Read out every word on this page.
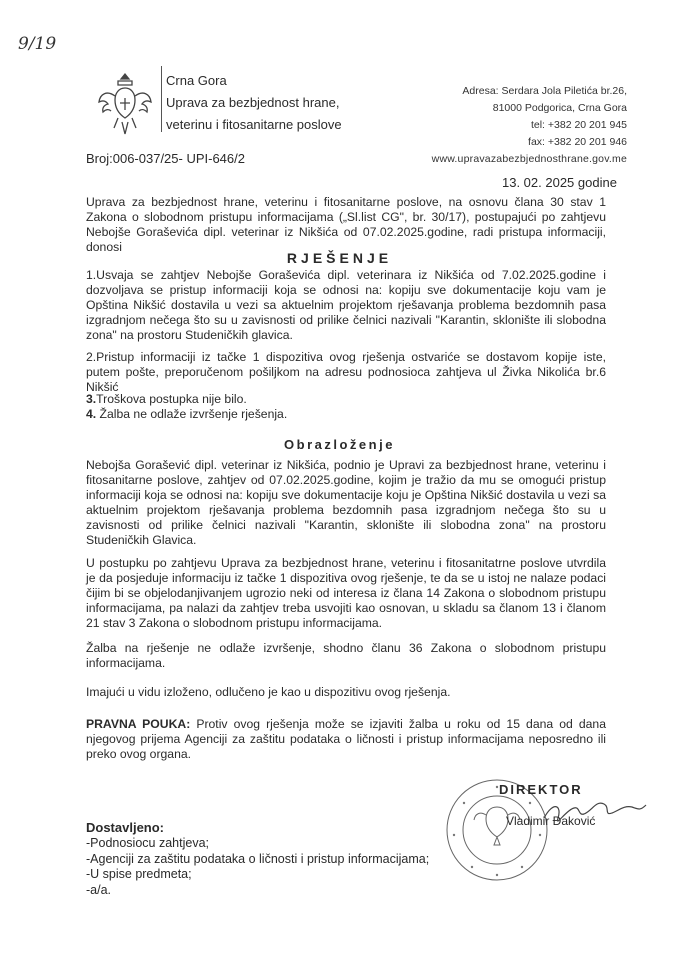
9/19
Crna Gora
Uprava za bezbjednost hrane,
veterinu i fitosanitarne poslove
Adresa: Serdara Jola Piletića br.26,
81000 Podgorica, Crna Gora
tel: +382 20 201 945
fax: +382 20 201 946
www.upravazabezbjednosthrane.gov.me
Broj:006-037/25- UPI-646/2
13. 02. 2025 godine
Uprava za bezbjednost hrane, veterinu i fitosanitarne poslove, na osnovu člana 30 stav 1 Zakona o slobodnom pristupu informacijama („Sl.list CG", br. 30/17), postupajući po zahtjevu Nebojše Goraševića dipl. veterinar iz Nikšića od 07.02.2025.godine, radi pristupa informaciji, donosi
RJEŠENJE
1.Usvaja se zahtjev Nebojše Goraševića dipl. veterinara iz Nikšića od 7.02.2025.godine i dozvoljava se pristup informaciji koja se odnosi na: kopiju sve dokumentacije koju vam je Opština Nikšić dostavila u vezi sa aktuelnim projektom rješavanja problema bezdomnih pasa izgradnjom nečega što su u zavisnosti od prilike čelnici nazivali "Karantin, sklonište ili slobodna zona" na prostoru Studeničkih glavica.
2.Pristup informaciji iz tačke 1 dispozitiva ovog rješenja ostvariće se dostavom kopije iste, putem pošte, preporučenom pošiljkom na adresu podnosioca zahtjeva ul Živka Nikolića br.6 Nikšić
3.Troškova postupka nije bilo.
4. Žalba ne odlaže izvršenje rješenja.
Obrazloženje
Nebojša Gorašević dipl. veterinar iz Nikšića, podnio je Upravi za bezbjednost hrane, veterinu i fitosanitarne poslove, zahtjev od 07.02.2025.godine, kojim je tražio da mu se omogući pristup informaciji koja se odnosi na: kopiju sve dokumentacije koju je Opština Nikšić dostavila u vezi sa aktuelnim projektom rješavanja problema bezdomnih pasa izgradnjom nečega što su u zavisnosti od prilike čelnici nazivali "Karantin, sklonište ili slobodna zona" na prostoru Studeničkih Glavica.
U postupku po zahtjevu Uprava za bezbjednost hrane, veterinu i fitosanitatrne poslove utvrdila je da posjeduje informaciju iz tačke 1 dispozitiva ovog rješenje, te da se u istoj ne nalaze podaci čijim bi se objelodanjivanjem ugrozio neki od interesa iz člana 14 Zakona o slobodnom pristupu informacijama, pa nalazi da zahtjev treba usvojiti kao osnovan, u skladu sa članom 13 i članom 21 stav 3 Zakona o slobodnom pristupu informacijama.
Žalba na rješenje ne odlaže izvršenje, shodno članu 36 Zakona o slobodnom pristupu informacijama.
Imajući u vidu izloženo, odlučeno je kao u dispozitivu ovog rješenja.
PRAVNA POUKA: Protiv ovog rješenja može se izjaviti žalba u roku od 15 dana od dana njegovog prijema Agenciji za zaštitu podataka o ličnosti i pristup informacijama neposredno ili preko ovog organa.
DIREKTOR
Vladimir Đaković
Dostavljeno:
-Podnosiocu zahtjeva;
-Agenciji za zaštitu podataka o ličnosti i pristup informacijama;
-U spise predmeta;
-a/a.
